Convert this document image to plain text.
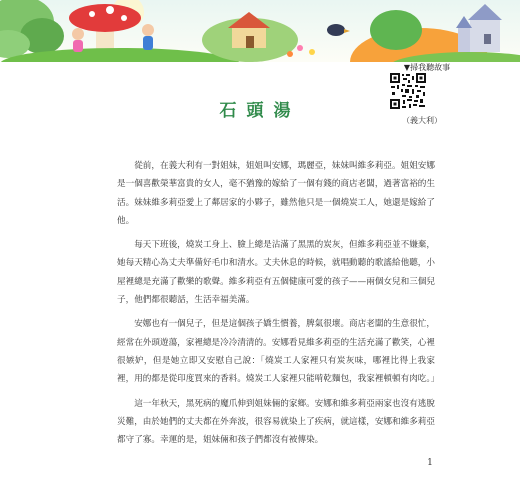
▼掃我聽故事
（義大利）
石頭湯

從前，在義大利有一對姐妹，姐姐叫安娜，瑪麗亞，妹妹叫維多莉亞。姐姐安娜是一個喜歡榮華富貴的女人，毫不猶豫的嫁給了一個有錢的商店老闆，過著富裕的生活。妹妹維多莉亞愛上了鄰居家的小夥子，雖然他只是一個燒炭工人，她還是嫁給了他。

每天下班後，燒炭工身上、臉上總是沾滿了黑黑的炭灰，但維多莉亞並不嫌棄，她每天精心為丈夫準備好毛巾和清水。丈夫休息的時候，就唱動聽的歌謠給他聽，小屋裡總是充滿了歡樂的歌聲。維多莉亞有五個健康可愛的孩子——兩個女兒和三個兒子，他們都很聽話，生活幸福美滿。

安娜也有一個兒子，但是這個孩子嬌生慣養，脾氣很壞。商店老闆的生意很忙，經常在外頭遊蕩，家裡總是冷冷清清的。安娜看見維多莉亞的生活充滿了歡笑，心裡很嫉妒，但是她立即又安慰自己說：「燒炭工人家裡只有炭灰味，哪裡比得上我家裡，用的都是從印度買來的香料。燒炭工人家裡只能啃乾麵包，我家裡頓頓有肉吃。」

這一年秋天，黑死病的魔爪伸到姐妹倆的家鄉。安娜和維多莉亞兩家也沒有逃脫災難，由於她們的丈夫都在外奔波，很容易就染上了疾病，就這樣，安娜和維多莉亞都守了寡。幸運的是，姐妹倆和孩子們都沒有被傳染。

1
